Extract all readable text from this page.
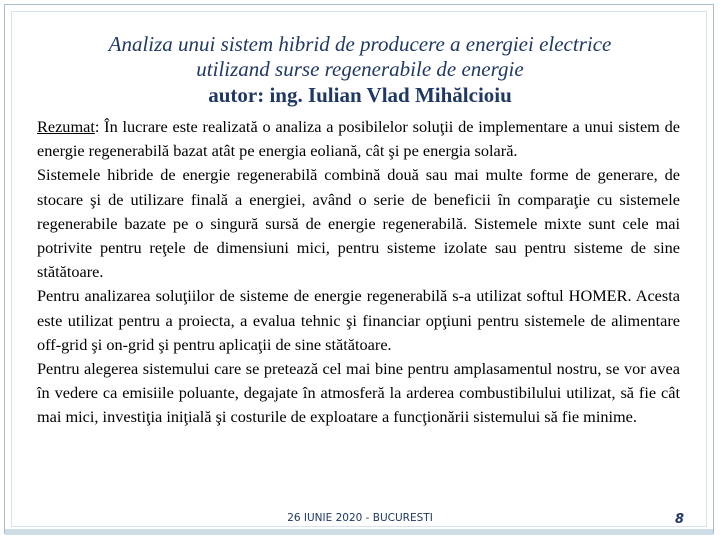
Analiza unui sistem hibrid de producere a energiei electrice
utilizand surse regenerabile de energie
autor: ing. Iulian Vlad Mihălcioiu

Rezumat: În lucrare este realizată o analiza a posibilelor soluţii de implementare a unui sistem de energie regenerabilă bazat atât pe energia eoliană, cât şi pe energia solară.

Sistemele hibride de energie regenerabilă combină două sau mai multe forme de generare, de stocare şi de utilizare finală a energiei, având o serie de beneficii în comparaţie cu sistemele regenerabile bazate pe o singură sursă de energie regenerabilă. Sistemele mixte sunt cele mai potrivite pentru reţele de dimensiuni mici, pentru sisteme izolate sau pentru sisteme de sine stătătoare.

Pentru analizarea soluţiilor de sisteme de energie regenerabilă s-a utilizat softul HOMER. Acesta este utilizat pentru a proiecta, a evalua tehnic şi financiar opţiuni pentru sistemele de alimentare off-grid şi on-grid şi pentru aplicaţii de sine stătătoare.

Pentru alegerea sistemului care se pretează cel mai bine pentru amplasamentul nostru, se vor avea în vedere ca emisiile poluante, degajate în atmosferă la arderea combustibilului utilizat, să fie cât mai mici, investiţia iniţială şi costurile de exploatare a funcţionării sistemului să fie minime.

26 IUNIE 2020 - BUCURESTI	8
